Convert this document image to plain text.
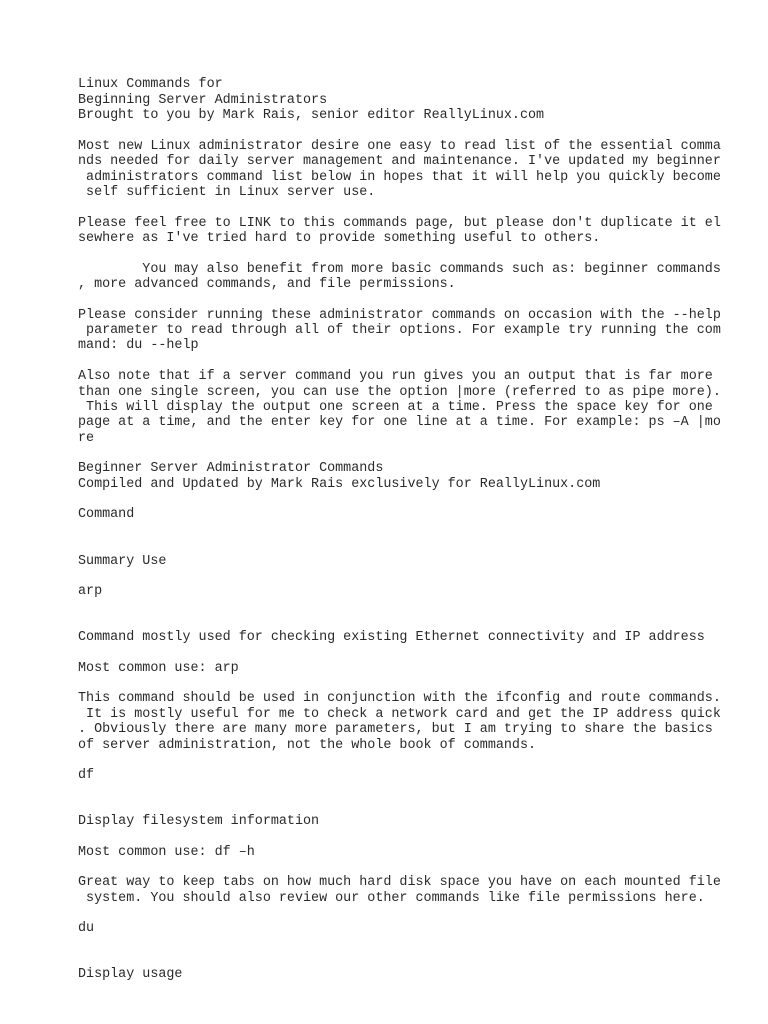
Linux Commands for

Beginning Server Administrators

Brought to you by Mark Rais, senior editor ReallyLinux.com

Most new Linux administrator desire one easy to read list of the essential comma

nds needed for daily server management and maintenance. I've updated my beginner

administrators command list below in hopes that it will help you quickly become

self sufficient in Linux server use.

Please feel free to LINK to this commands page, but please don't duplicate it el

sewhere as I've tried hard to provide something useful to others.

You may also benefit from more basic commands such as: beginner commands

, more advanced commands, and file permissions.

Please consider running these administrator commands on occasion with the --help

parameter to read through all of their options. For example try running the com

mand: du --help

Also note that if a server command you run gives you an output that is far more

than one single screen, you can use the option |more (referred to as pipe more).

This will display the output one screen at a time. Press the space key for one

page at a time, and the enter key for one line at a time. For example: ps –A |mo

re

Beginner Server Administrator Commands

Compiled and Updated by Mark Rais exclusively for ReallyLinux.com

Command

Summary Use

arp

Command mostly used for checking existing Ethernet connectivity and IP address

Most common use: arp

This command should be used in conjunction with the ifconfig and route commands.

It is mostly useful for me to check a network card and get the IP address quick

. Obviously there are many more parameters, but I am trying to share the basics

of server administration, not the whole book of commands.

df

Display filesystem information

Most common use: df –h

Great way to keep tabs on how much hard disk space you have on each mounted file

system. You should also review our other commands like file permissions here.

du

Display usage
